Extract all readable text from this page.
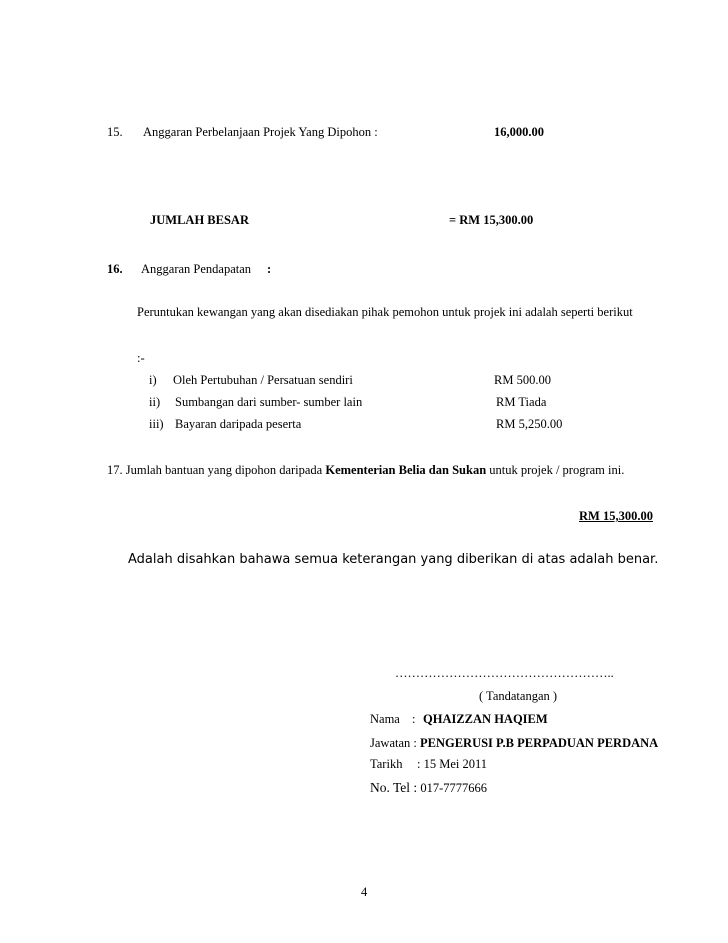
15. Anggaran Perbelanjaan Projek Yang Dipohon :	16,000.00
JUMLAH BESAR	= RM 15,300.00
16. Anggaran Pendapatan :
Peruntukan kewangan yang akan disediakan pihak pemohon untuk projek ini adalah seperti berikut
:-
i) Oleh Pertubuhan / Persatuan sendiri	RM 500.00
ii) Sumbangan dari sumber- sumber lain	RM Tiada
iii) Bayaran daripada peserta	RM 5,250.00
17. Jumlah bantuan yang dipohon daripada Kementerian Belia dan Sukan untuk projek / program ini.
RM 15,300.00
Adalah disahkan bahawa semua keterangan yang diberikan di atas adalah benar.
……………………………………………..
( Tandatangan )
Nama : QHAIZZAN HAQIEM
Jawatan : PENGERUSI P.B PERPADUAN PERDANA
Tarikh : 15 Mei 2011
No. Tel : 017-7777666
4
